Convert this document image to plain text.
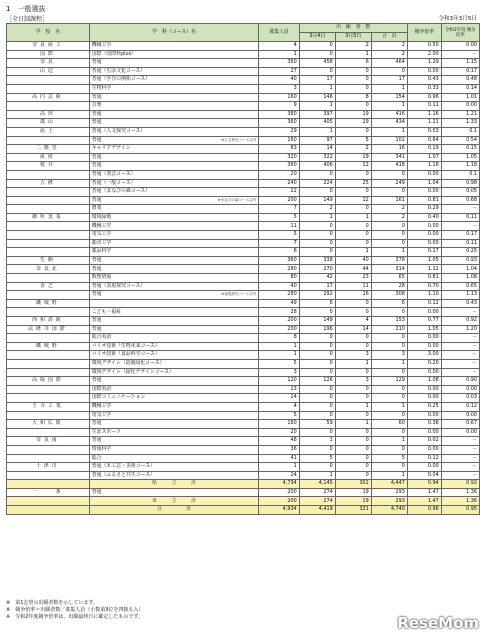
1　一般選抜
［全日制課程］	令和3年3月5日
学　校　名	学　科（コース）名	募集人員	出　願　者　数			競争倍率	令和2年度 競争倍率
			3月4日	3月5日	合　計		
奈良商工	機械工学	4	0	2	2	0.50	0.00
国際	国際（国際科plus）	1	0	1	2	2.00	－
奈良	普通	360	458	6	464	1.29	1.15
山辺	普通（生活文化コース）	27	0	0	0	0.00	0.17
	普通（学びの開拓コース）	40	17	0	17	0.43	0.48
	生物科学	3	1	0	1	0.33	0.14
高円芸術	普通	160	146	8	154	0.96	1.01
	音楽	9	1	0	1	0.11	0.00
高田	普通	360	397	19	416	1.16	1.21
郡山	普通	360	405	29	434	1.21	1.33
添上	普通（人文探究コース）	29	1	0	1	0.03	0.1
	普通 ※人文探究コース以外	160	97	5	102	0.64	0.54
二階堂	キャリアデザイン	83	14	2	16	0.19	0.15
畝傍	普通	320	322	19	341	1.07	1.05
桜井	普通	360	406	12	418	1.16	1.18
	普通（書芸コース）	20	0	0	0	0.00	0.1
五條	普通（一般コース）	240	224	25	249	1.04	0.98
	普通（まなびの森コース）	22	0	0	0	0.00	0.05
	普通 ※まなびの森コース以外	200	149	12	161	0.81	0.68
	農業	7	2	0	2	0.29	－
御所実業	環境緑地	5	1	1	2	0.40	0.11
	機械工学	11	0	0	0	0.00	－
	電気工学	5	0	0	0	0.00	0.17
	都市工学	7	0	0	0	0.00	0.11
	薬品科学	6	0	1	1	0.17	0.25
生駒	普通	360	338	40	378	1.05	0.93
奈良北	普通	280	270	44	314	1.12	1.04
	数理情報	80	42	23	65	0.81	1.08
香芝	普通（表現探究コース）	40	17	11	28	0.70	0.65
	普通 ※表現探究コース以外	280	292	16	308	1.10	1.13
磯城野		49	6	0	6	0.12	0.43
	こども・福祉	28	0	0	0	0.00	－
西和清陵	普通	200	149	4	153	0.77	0.92
法隆寺国際	普通	200	196	14	210	1.05	1.20
	総合英語	8	0	0	0	0.00	－
磯城野	バイオ技術（生物未来コース）	1	0	0	0	0.00	－
	バイオ技術（食品科学コース）	1	0	3	3	3.00	－
	環境デザイン（造園緑化コース）	5	0	1	1	0.20	－
	環境デザイン（緑化デザインコース）	3	0	0	0	0.00	－
高取国際	普通	120	126	3	129	1.08	0.90
	国際英語	13	0	0	0	0.00	0.00
	国際コミュニケーション	24	0	0	0	0.00	0.03
王寺工業	機械工学	4	0	1	1	0.25	0.12
	電気工学	5	0	0	0	0.00	0.00
大和広陵	普通	160	59	1	60	0.38	0.67
	生涯スポーツ	20	0	0	0	0.00	0.00
奈良南	普通	48	1	0	1	0.02	－
	情報科学	36	0	0	0	0.00	－
	総合	41	5	0	5	0.12	－
十津川	普通（木工芸・美術コース）	1	0	0	0	0.00	－
	普通（ふるさと共生コース）	24	1	0	1	0.04	－
	県　　　立　　　計	4,734	4,145	302	4,447	0.94	0.92
一　　条	普通	200	274	19	293	1.47	1.36
	市　　　立　　　計	200	274	19	293	1.47	1.36
	合　　　　　計	4,934	4,419	321	4,740	0.96	0.95
※　第1志望の出願者数を示しています。
※　競争倍率＝出願者数／募集人員（小数第3位を四捨五入）
※　令和2年度競争倍率は、出願最終日に確定したものです。	ReseMom
